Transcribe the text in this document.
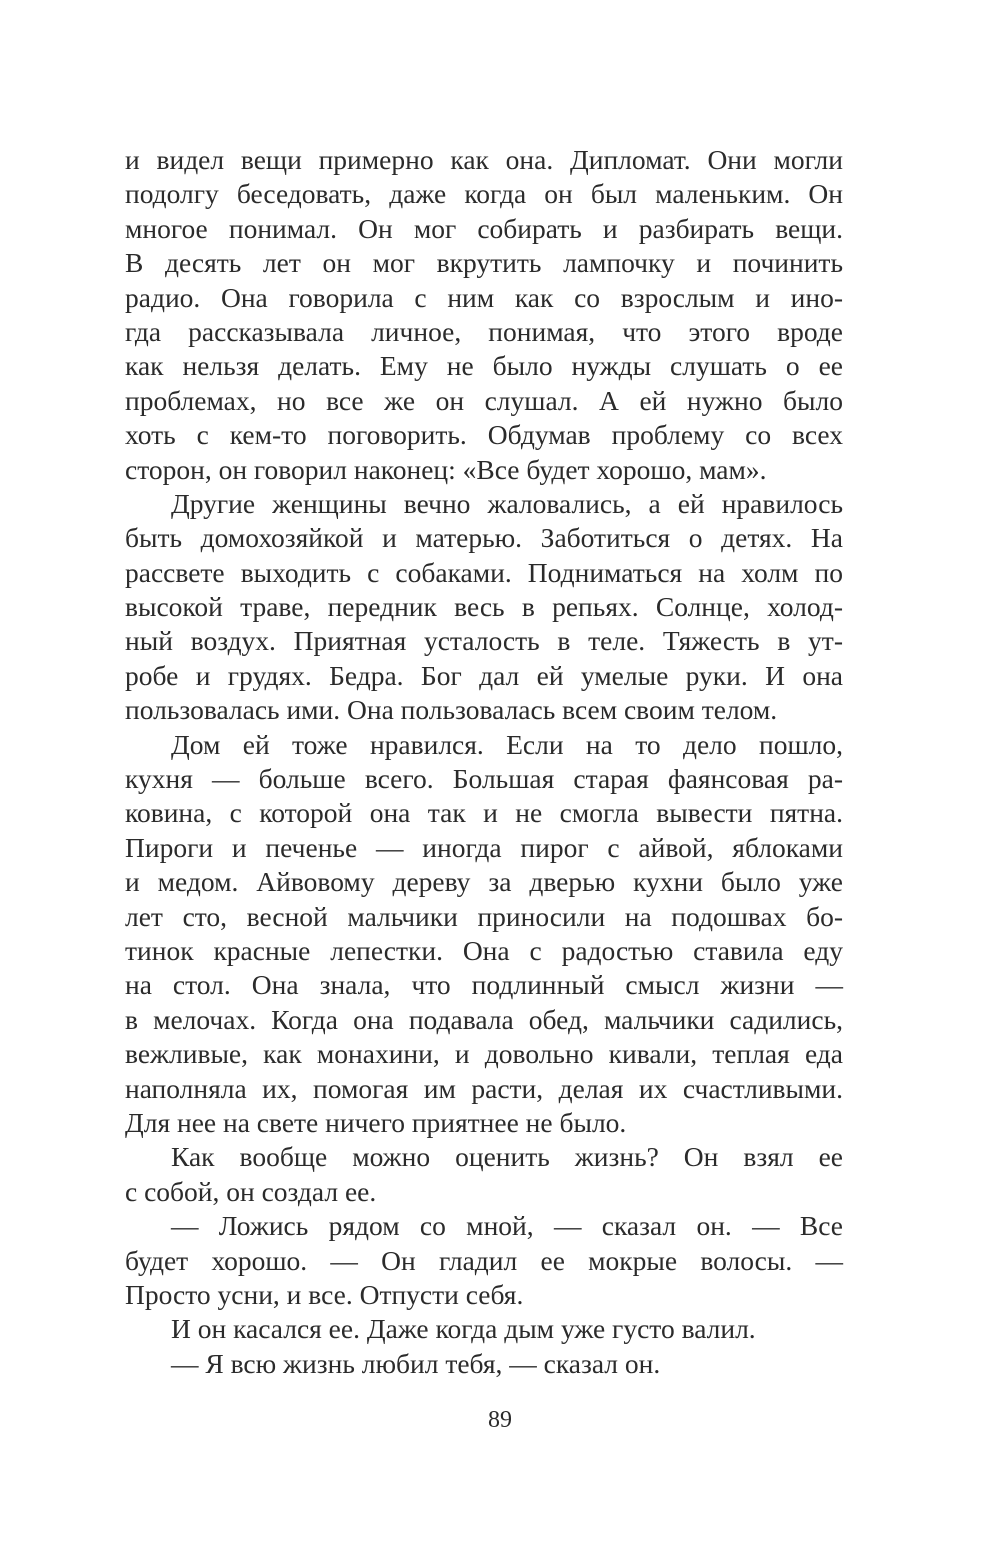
и видел вещи примерно как она. Дипломат. Они могли
подолгу беседовать, даже когда он был маленьким. Он
многое понимал. Он мог собирать и разбирать вещи.
В десять лет он мог вкрутить лампочку и починить
радио. Она говорила с ним как со взрослым и ино-
гда рассказывала личное, понимая, что этого вроде
как нельзя делать. Ему не было нужды слушать о ее
проблемах, но все же он слушал. А ей нужно было
хоть с кем-то поговорить. Обдумав проблему со всех
сторон, он говорил наконец: «Все будет хорошо, мам».
Другие женщины вечно жаловались, а ей нравилось
быть домохозяйкой и матерью. Заботиться о детях. На
рассвете выходить с собаками. Подниматься на холм по
высокой траве, передник весь в репьях. Солнце, холод-
ный воздух. Приятная усталость в теле. Тяжесть в ут-
робе и грудях. Бедра. Бог дал ей умелые руки. И она
пользовалась ими. Она пользовалась всем своим телом.
Дом ей тоже нравился. Если на то дело пошло,
кухня — больше всего. Большая старая фаянсовая ра-
ковина, с которой она так и не смогла вывести пятна.
Пироги и печенье — иногда пирог с айвой, яблоками
и медом. Айвовому дереву за дверью кухни было уже
лет сто, весной мальчики приносили на подошвах бо-
тинок красные лепестки. Она с радостью ставила еду
на стол. Она знала, что подлинный смысл жизни —
в мелочах. Когда она подавала обед, мальчики садились,
вежливые, как монахини, и довольно кивали, теплая еда
наполняла их, помогая им расти, делая их счастливыми.
Для нее на свете ничего приятнее не было.
Как вообще можно оценить жизнь? Он взял ее
с собой, он создал ее.
— Ложись рядом со мной, — сказал он. — Все
будет хорошо. — Он гладил ее мокрые волосы. —
Просто усни, и все. Отпусти себя.
И он касался ее. Даже когда дым уже густо валил.
— Я всю жизнь любил тебя, — сказал он.
89
